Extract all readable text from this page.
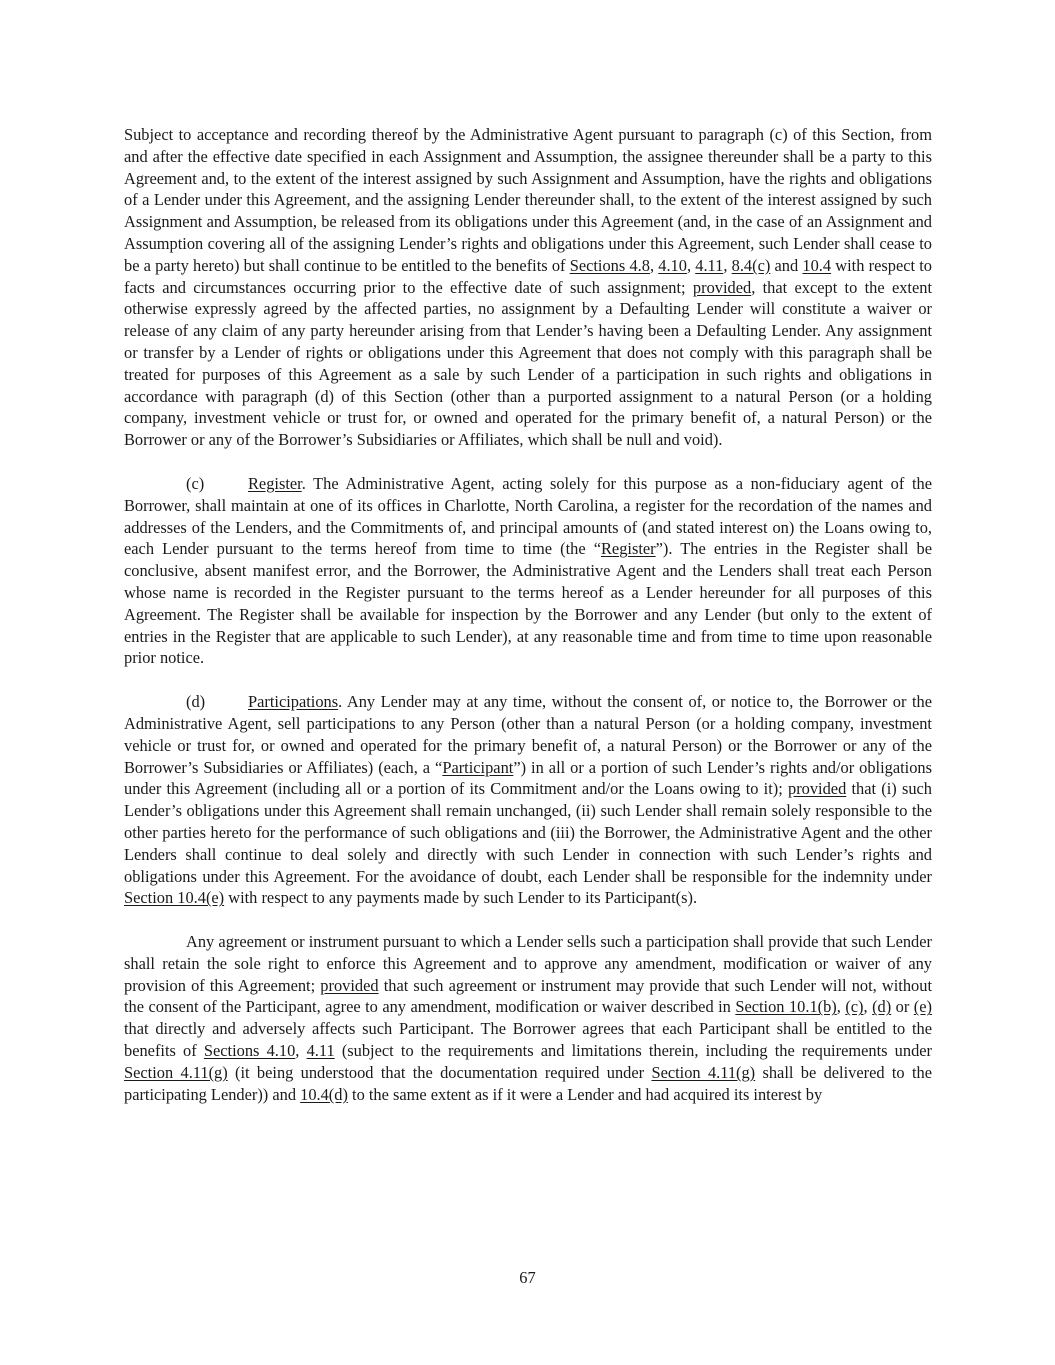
Subject to acceptance and recording thereof by the Administrative Agent pursuant to paragraph (c) of this Section, from and after the effective date specified in each Assignment and Assumption, the assignee thereunder shall be a party to this Agreement and, to the extent of the interest assigned by such Assignment and Assumption, have the rights and obligations of a Lender under this Agreement, and the assigning Lender thereunder shall, to the extent of the interest assigned by such Assignment and Assumption, be released from its obligations under this Agreement (and, in the case of an Assignment and Assumption covering all of the assigning Lender’s rights and obligations under this Agreement, such Lender shall cease to be a party hereto) but shall continue to be entitled to the benefits of Sections 4.8, 4.10, 4.11, 8.4(c) and 10.4 with respect to facts and circumstances occurring prior to the effective date of such assignment; provided, that except to the extent otherwise expressly agreed by the affected parties, no assignment by a Defaulting Lender will constitute a waiver or release of any claim of any party hereunder arising from that Lender’s having been a Defaulting Lender. Any assignment or transfer by a Lender of rights or obligations under this Agreement that does not comply with this paragraph shall be treated for purposes of this Agreement as a sale by such Lender of a participation in such rights and obligations in accordance with paragraph (d) of this Section (other than a purported assignment to a natural Person (or a holding company, investment vehicle or trust for, or owned and operated for the primary benefit of, a natural Person) or the Borrower or any of the Borrower’s Subsidiaries or Affiliates, which shall be null and void).

(c)	Register. The Administrative Agent, acting solely for this purpose as a non-fiduciary agent of the Borrower, shall maintain at one of its offices in Charlotte, North Carolina, a register for the recordation of the names and addresses of the Lenders, and the Commitments of, and principal amounts of (and stated interest on) the Loans owing to, each Lender pursuant to the terms hereof from time to time (the “Register”). The entries in the Register shall be conclusive, absent manifest error, and the Borrower, the Administrative Agent and the Lenders shall treat each Person whose name is recorded in the Register pursuant to the terms hereof as a Lender hereunder for all purposes of this Agreement. The Register shall be available for inspection by the Borrower and any Lender (but only to the extent of entries in the Register that are applicable to such Lender), at any reasonable time and from time to time upon reasonable prior notice.

(d)	Participations. Any Lender may at any time, without the consent of, or notice to, the Borrower or the Administrative Agent, sell participations to any Person (other than a natural Person (or a holding company, investment vehicle or trust for, or owned and operated for the primary benefit of, a natural Person) or the Borrower or any of the Borrower’s Subsidiaries or Affiliates) (each, a “Participant”) in all or a portion of such Lender’s rights and/or obligations under this Agreement (including all or a portion of its Commitment and/or the Loans owing to it); provided that (i) such Lender’s obligations under this Agreement shall remain unchanged, (ii) such Lender shall remain solely responsible to the other parties hereto for the performance of such obligations and (iii) the Borrower, the Administrative Agent and the other Lenders shall continue to deal solely and directly with such Lender in connection with such Lender’s rights and obligations under this Agreement. For the avoidance of doubt, each Lender shall be responsible for the indemnity under Section 10.4(e) with respect to any payments made by such Lender to its Participant(s).

Any agreement or instrument pursuant to which a Lender sells such a participation shall provide that such Lender shall retain the sole right to enforce this Agreement and to approve any amendment, modification or waiver of any provision of this Agreement; provided that such agreement or instrument may provide that such Lender will not, without the consent of the Participant, agree to any amendment, modification or waiver described in Section 10.1(b), (c), (d) or (e) that directly and adversely affects such Participant. The Borrower agrees that each Participant shall be entitled to the benefits of Sections 4.10, 4.11 (subject to the requirements and limitations therein, including the requirements under Section 4.11(g) (it being understood that the documentation required under Section 4.11(g) shall be delivered to the participating Lender)) and 10.4(d) to the same extent as if it were a Lender and had acquired its interest by

67
